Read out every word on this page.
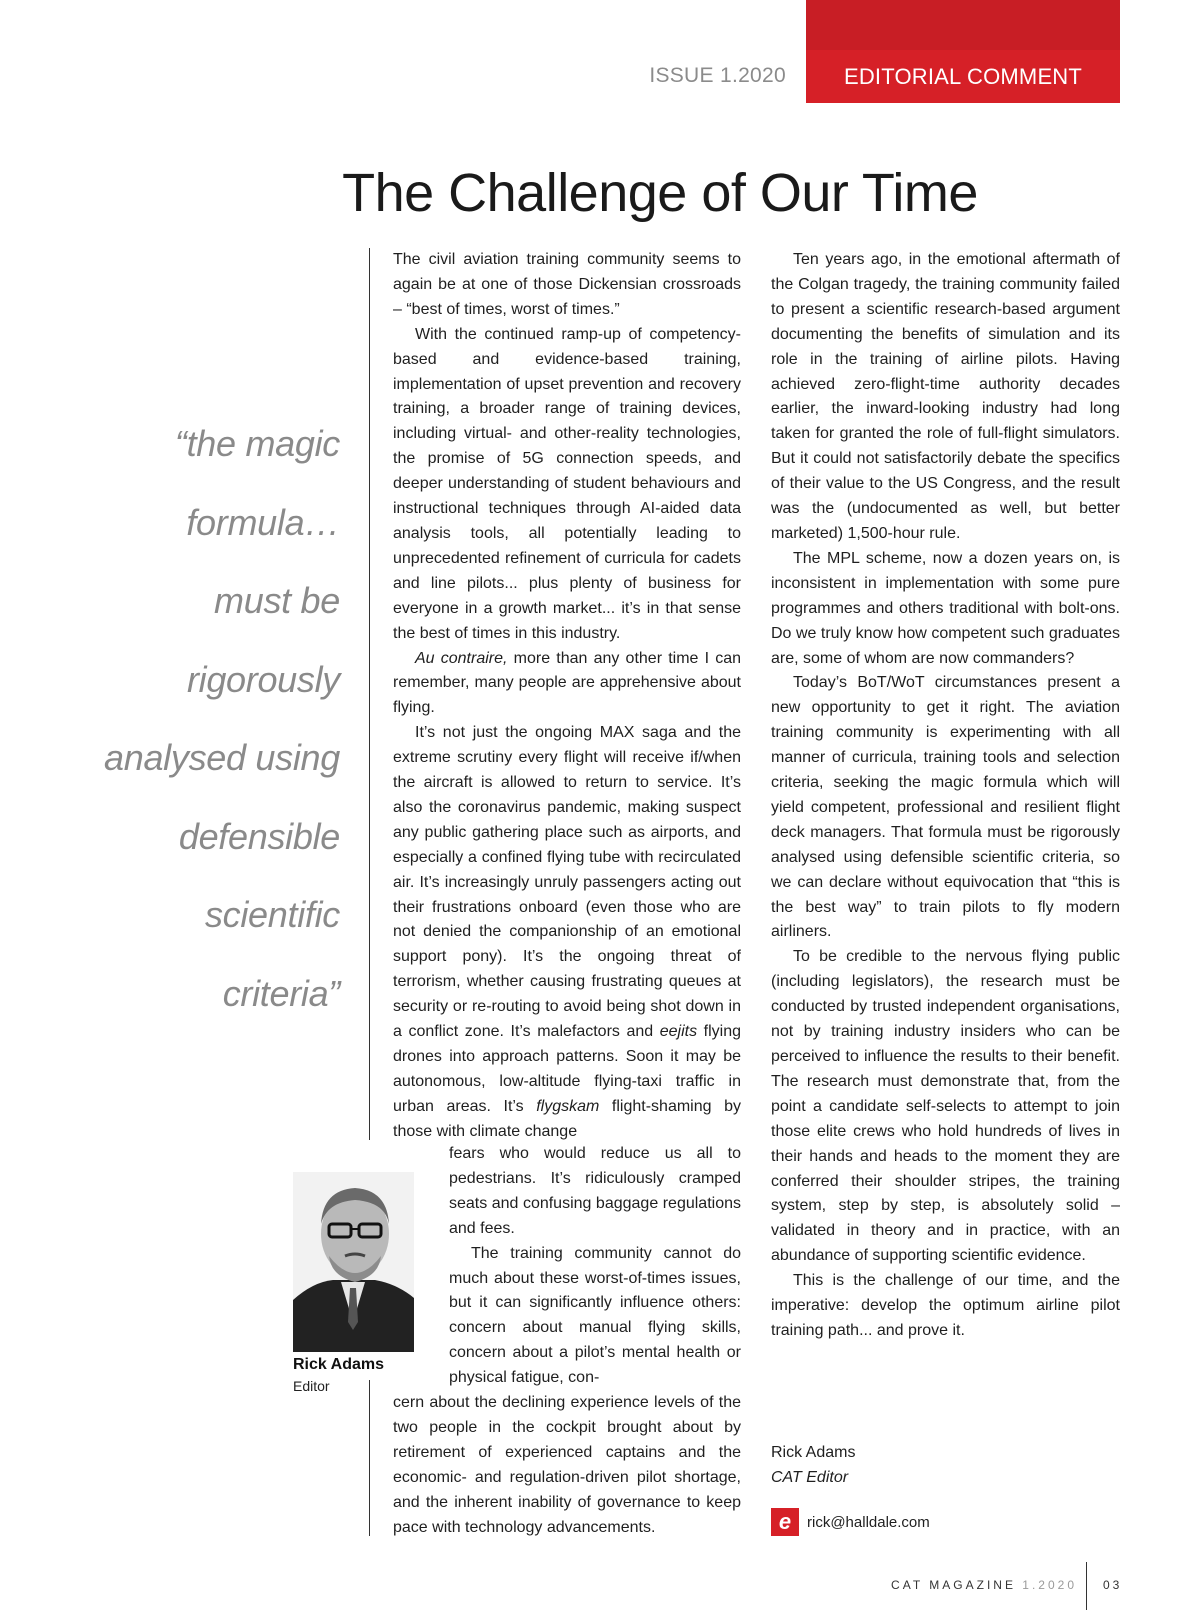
EDITORIAL COMMENT
ISSUE 1.2020
The Challenge of Our Time
“the magic
formula…
must be
rigorously
analysed using
defensible
scientific
criteria”

The civil aviation training community seems to again be at one of those Dickensian crossroads – “best of times, worst of times.”

With the continued ramp-up of competency-based and evidence-based training, implementation of upset prevention and recovery training, a broader range of training devices, including virtual- and other-reality technologies, the promise of 5G connection speeds, and deeper understanding of student behaviours and instructional techniques through AI-aided data analysis tools, all potentially leading to unprecedented refinement of curricula for cadets and line pilots... plus plenty of business for everyone in a growth market... it’s in that sense the best of times in this industry.

Au contraire, more than any other time I can remember, many people are apprehensive about flying.

It’s not just the ongoing MAX saga and the extreme scrutiny every flight will receive if/when the aircraft is allowed to return to service. It’s also the coronavirus pandemic, making suspect any public gathering place such as airports, and especially a confined flying tube with recirculated air. It’s increasingly unruly passengers acting out their frustrations onboard (even those who are not denied the companionship of an emotional support pony). It’s the ongoing threat of terrorism, whether causing frustrating queues at security or re-routing to avoid being shot down in a conflict zone. It’s malefactors and eejits flying drones into approach patterns. Soon it may be autonomous, low-altitude flying-taxi traffic in urban areas. It’s flygskam flight-shaming by those with climate change

fears who would reduce us all to pedestrians. It’s ridiculously cramped seats and confusing baggage regulations and fees.

The training community cannot do much about these worst-of-times issues, but it can significantly influence others: concern about manual flying skills, concern about a pilot’s mental health or physical fatigue, con-

cern about the declining experience levels of the two people in the cockpit brought about by retirement of experienced captains and the economic- and regulation-driven pilot shortage, and the inherent inability of governance to keep pace with technology advancements.

Rick Adams
Editor

Ten years ago, in the emotional aftermath of the Colgan tragedy, the training community failed to present a scientific research-based argument documenting the benefits of simulation and its role in the training of airline pilots. Having achieved zero-flight-time authority decades earlier, the inward-looking industry had long taken for granted the role of full-flight simulators. But it could not satisfactorily debate the specifics of their value to the US Congress, and the result was the (undocumented as well, but better marketed) 1,500-hour rule.

The MPL scheme, now a dozen years on, is inconsistent in implementation with some pure programmes and others traditional with bolt-ons. Do we truly know how competent such graduates are, some of whom are now commanders?

Today’s BoT/WoT circumstances present a new opportunity to get it right. The aviation training community is experimenting with all manner of curricula, training tools and selection criteria, seeking the magic formula which will yield competent, professional and resilient flight deck managers. That formula must be rigorously analysed using defensible scientific criteria, so we can declare without equivocation that “this is the best way” to train pilots to fly modern airliners.

To be credible to the nervous flying public (including legislators), the research must be conducted by trusted independent organisations, not by training industry insiders who can be perceived to influence the results to their benefit. The research must demonstrate that, from the point a candidate self-selects to attempt to join those elite crews who hold hundreds of lives in their hands and heads to the moment they are conferred their shoulder stripes, the training system, step by step, is absolutely solid – validated in theory and in practice, with an abundance of supporting scientific evidence.

This is the challenge of our time, and the imperative: develop the optimum airline pilot training path... and prove it.

Rick Adams
CAT Editor
e	rick@halldale.com
CAT MAGAZINE 1.2020 03
